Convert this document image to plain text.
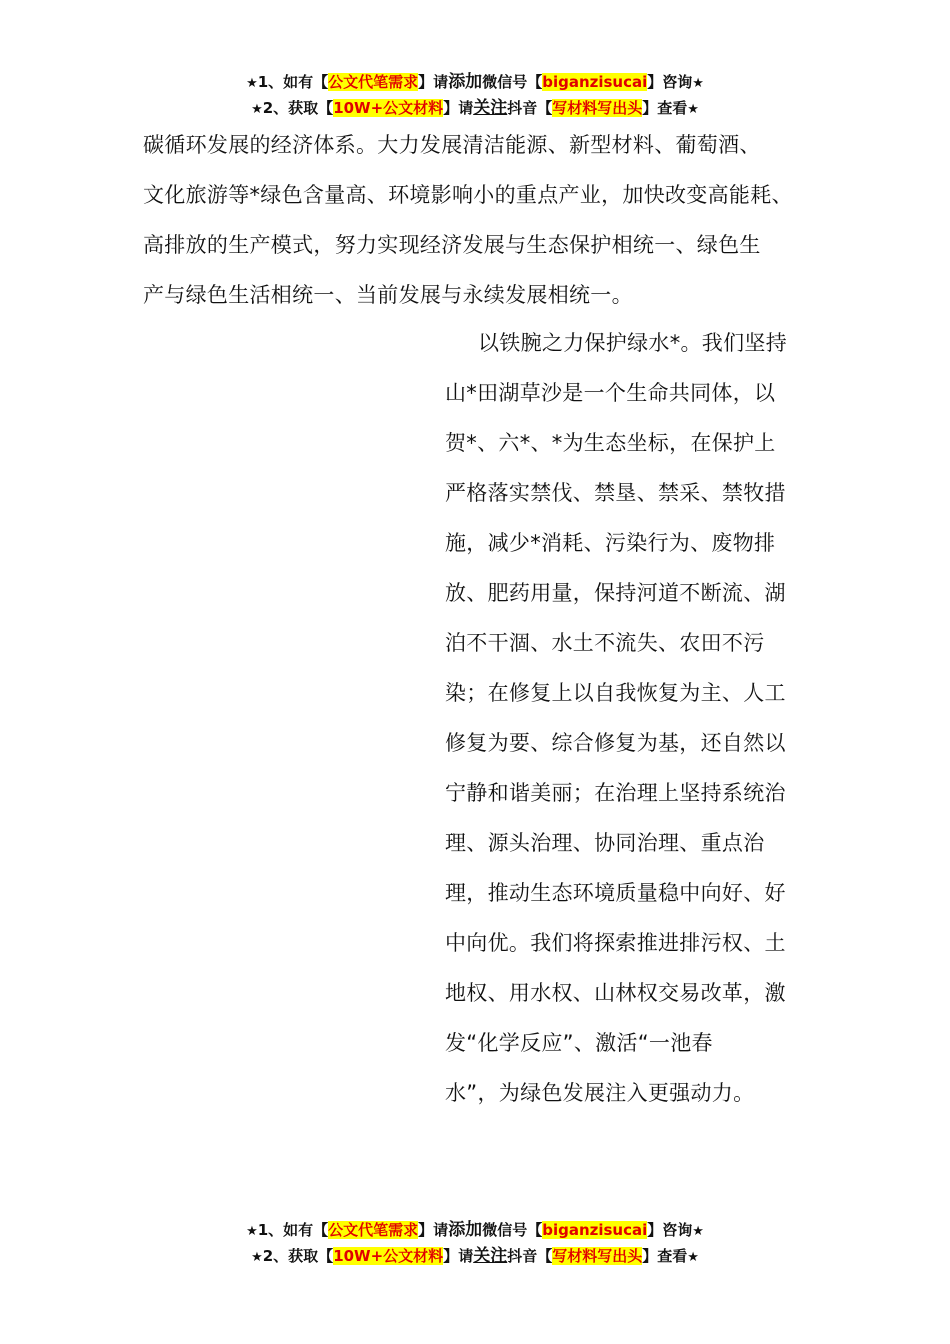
★1、如有【公文代笔需求】请添加微信号【biganzisucai】咨询★
★2、获取【10W+公文材料】请关注抖音【写材料写出头】查看★
碳循环发展的经济体系。大力发展清洁能源、新型材料、葡萄酒、
文化旅游等*绿色含量高、环境影响小的重点产业，加快改变高能耗、
高排放的生产模式，努力实现经济发展与生态保护相统一、绿色生
产与绿色生活相统一、当前发展与永续发展相统一。
以铁腕之力保护绿水*。我们坚持
山*田湖草沙是一个生命共同体，以
贺*、六*、*为生态坐标，在保护上
严格落实禁伐、禁垦、禁采、禁牧措
施，减少*消耗、污染行为、废物排
放、肥药用量，保持河道不断流、湖
泊不干涸、水土不流失、农田不污
染；在修复上以自我恢复为主、人工
修复为要、综合修复为基，还自然以
宁静和谐美丽；在治理上坚持系统治
理、源头治理、协同治理、重点治
理，推动生态环境质量稳中向好、好
中向优。我们将探索推进排污权、土
地权、用水权、山林权交易改革，激
发“化学反应”、激活“一池春
水”，为绿色发展注入更强动力。
★1、如有【公文代笔需求】请添加微信号【biganzisucai】咨询★
★2、获取【10W+公文材料】请关注抖音【写材料写出头】查看★
